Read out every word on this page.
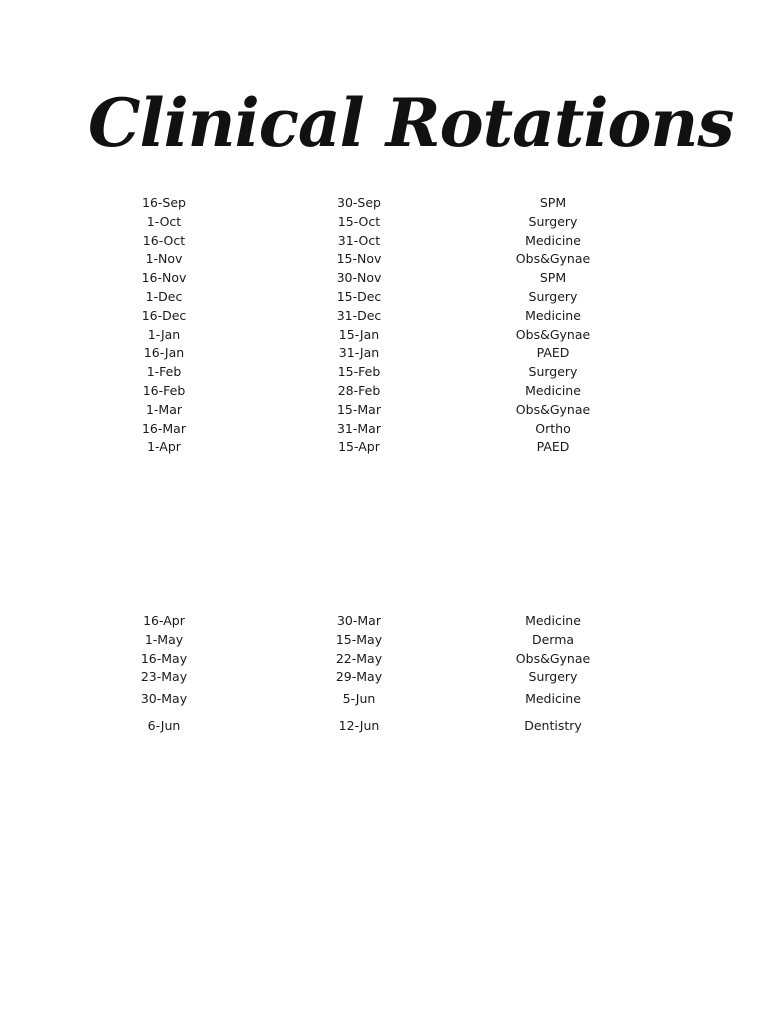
Clinical Rotations
16-Sep	30-Sep	SPM
1-Oct	15-Oct	Surgery
16-Oct	31-Oct	Medicine
1-Nov	15-Nov	Obs&Gynae
16-Nov	30-Nov	SPM
1-Dec	15-Dec	Surgery
16-Dec	31-Dec	Medicine
1-Jan	15-Jan	Obs&Gynae
16-Jan	31-Jan	PAED
1-Feb	15-Feb	Surgery
16-Feb	28-Feb	Medicine
1-Mar	15-Mar	Obs&Gynae
16-Mar	31-Mar	Ortho
1-Apr	15-Apr	PAED
16-Apr	30-Mar	Medicine
1-May	15-May	Derma
16-May	22-May	Obs&Gynae
23-May	29-May	Surgery
30-May	5-Jun	Medicine
6-Jun	12-Jun	Dentistry
